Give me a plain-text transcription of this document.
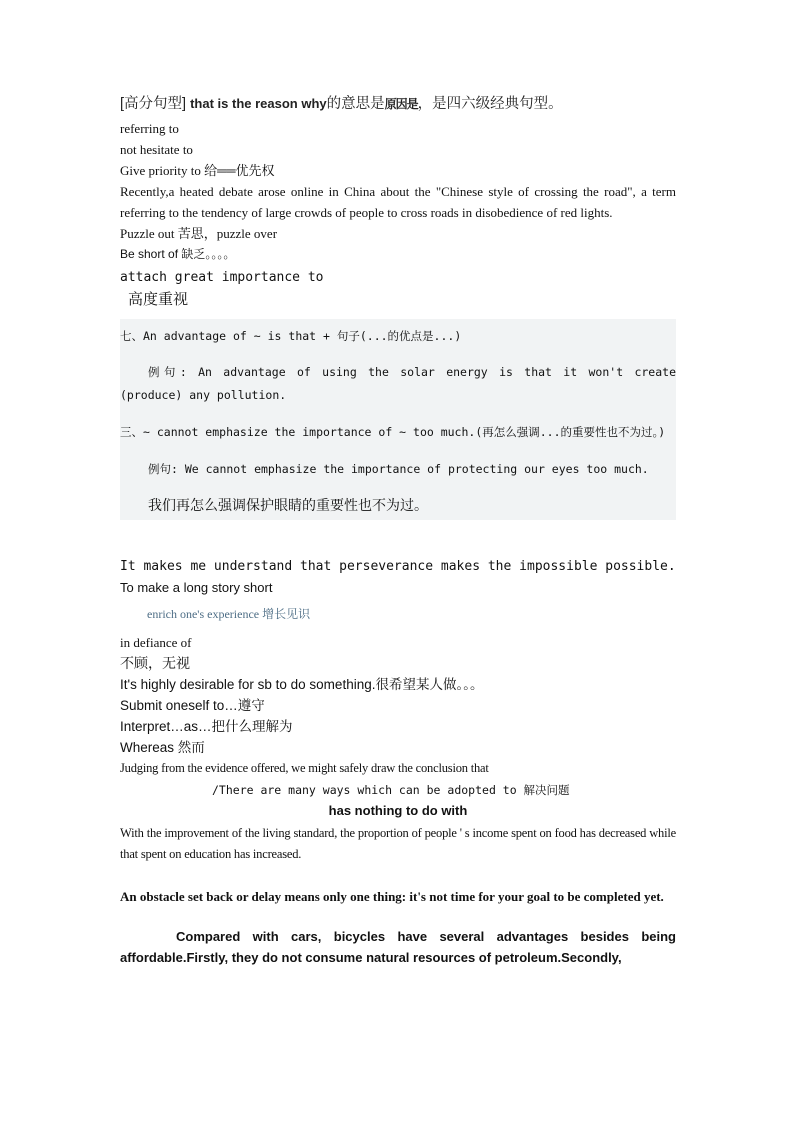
[高分句型] that is the reason why的意思是原因是，是四六级经典句型。

referring to

not hesitate to

Give priority to 给══优先权

Recently,a heated debate arose online in China about the "Chinese style of crossing the road", a term referring to the tendency of large crowds of people to cross roads in disobedience of red lights.

Puzzle out 苦思，puzzle over

Be short of 缺乏。。。。

attach great importance to

高度重视

七、An advantage of ~ is that + 句子(...的优点是...)

例句: An advantage of using the solar energy is that it won't create (produce) any pollution.

三、~ cannot emphasize the importance of ~ too much.(再怎么强调...的重要性也不为过。)

例句: We cannot emphasize the importance of protecting our eyes too much.

我们再怎么强调保护眼睛的重要性也不为过。

It makes me understand that perseverance makes the impossible possible.

To make a long story short

enrich one's experience 增长见识

in defiance of

不顾，无视

It's highly desirable for sb to do something.很希望某人做。。。

Submit oneself to…遵守

Interpret…as…把什么理解为

Whereas 然而

Judging from the evidence offered, we might safely draw the conclusion that

/There are many ways which can be adopted to 解决问题

has nothing to do with

With the improvement of the living standard, the proportion of people ' s income spent on food has decreased while that spent on education has increased.

An obstacle set back or delay means only one thing: it's not time for your goal to be completed yet.

Compared with cars, bicycles have several advantages besides being affordable.Firstly, they do not consume natural resources of petroleum.Secondly,
